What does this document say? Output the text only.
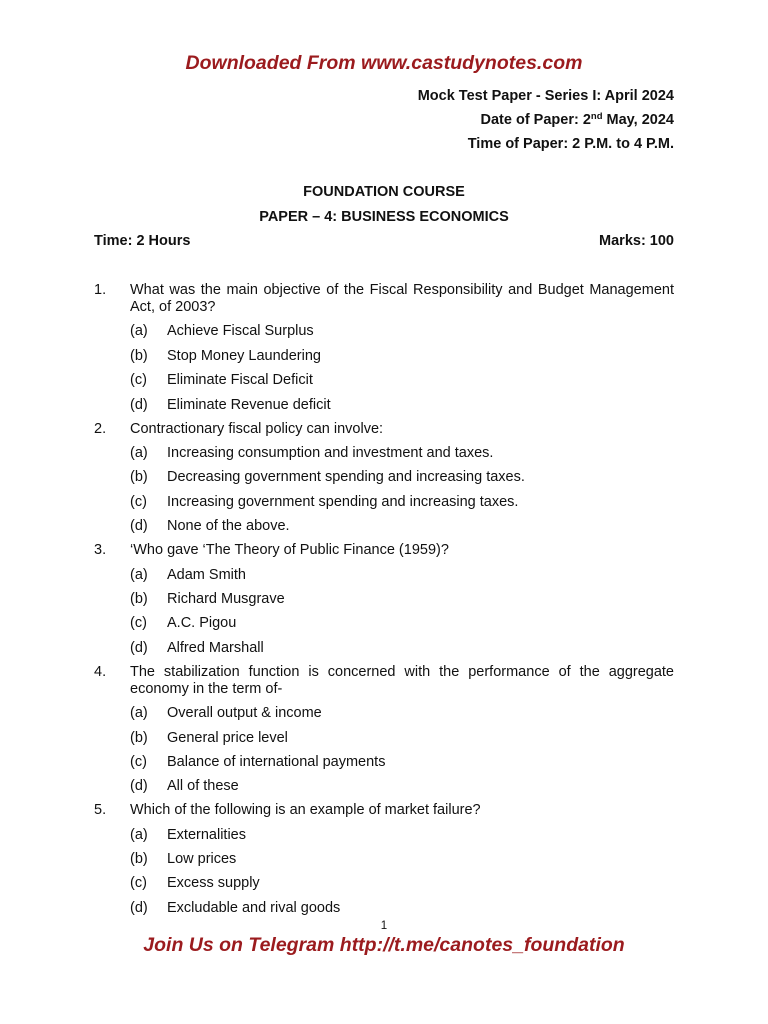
Downloaded From www.castudynotes.com
Mock Test Paper - Series I: April 2024
Date of Paper: 2nd May, 2024
Time of Paper: 2 P.M. to 4 P.M.
FOUNDATION COURSE
PAPER – 4: BUSINESS ECONOMICS
Time: 2 Hours	Marks: 100
1.	What was the main objective of the Fiscal Responsibility and Budget Management Act, of 2003?
(a) Achieve Fiscal Surplus
(b) Stop Money Laundering
(c) Eliminate Fiscal Deficit
(d) Eliminate Revenue deficit
2.	Contractionary fiscal policy can involve:
(a) Increasing consumption and investment and taxes.
(b) Decreasing government spending and increasing taxes.
(c) Increasing government spending and increasing taxes.
(d) None of the above.
3.	‘Who gave ‘The Theory of Public Finance (1959)?
(a) Adam Smith
(b) Richard Musgrave
(c) A.C. Pigou
(d) Alfred Marshall
4.	The stabilization function is concerned with the performance of the aggregate economy in the term of-
(a) Overall output & income
(b) General price level
(c) Balance of international payments
(d) All of these
5.	Which of the following is an example of market failure?
(a) Externalities
(b) Low prices
(c) Excess supply
(d) Excludable and rival goods
1
Join Us on Telegram http://t.me/canotes_foundation
